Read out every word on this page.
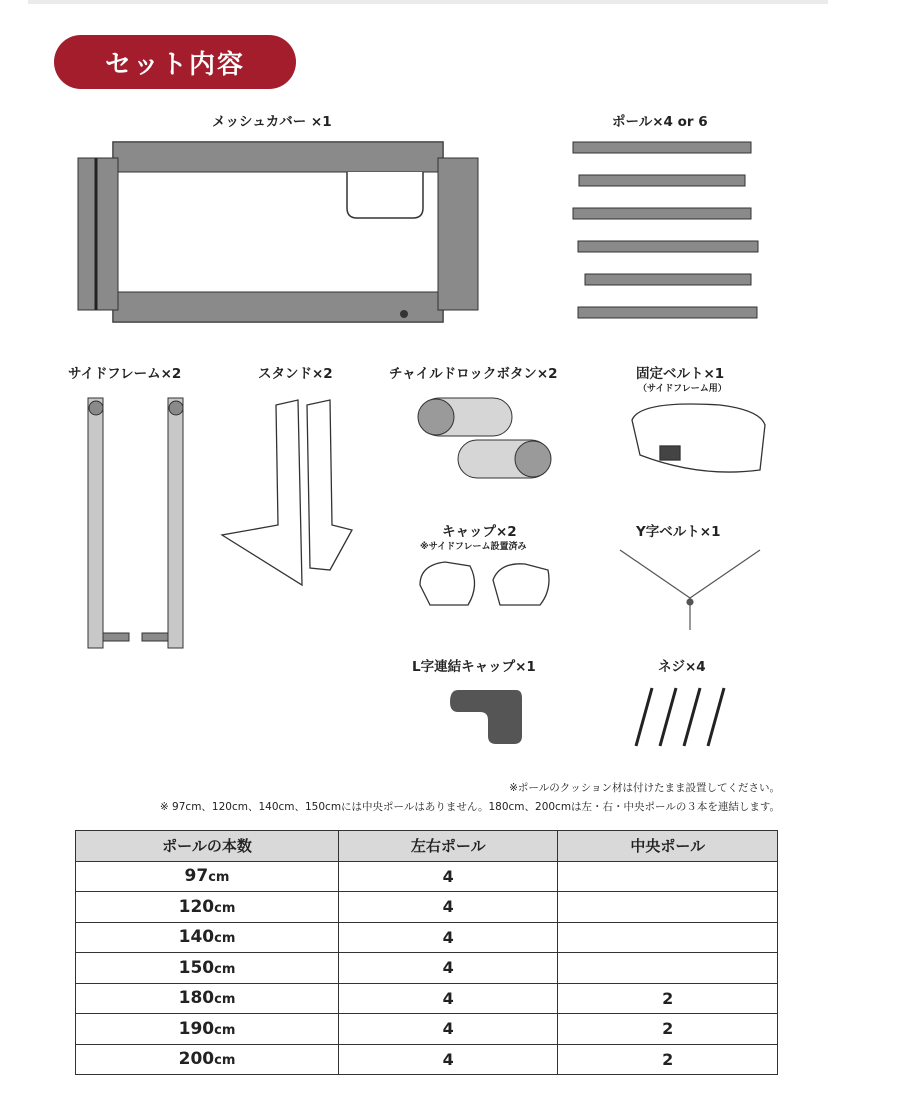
セット内容
メッシュカバー ×1	ポール×4 or 6
サイドフレーム×2	スタンド×2	チャイルドロックボタン×2	固定ベルト×1
（サイドフレーム用）
キャップ×2
※サイドフレーム設置済み
Y字ベルト×1
L字連結キャップ×1	ネジ×4
※ポールのクッション材は付けたまま設置してください。
※ 97cm、120cm、140cm、150cmには中央ポールはありません。180cm、200cmは左・右・中央ポールの３本を連結します。
ポールの本数	左右ポール	中央ポール
97cm	4	
120cm	4	
140cm	4	
150cm	4	
180cm	4	2
190cm	4	2
200cm	4	2
